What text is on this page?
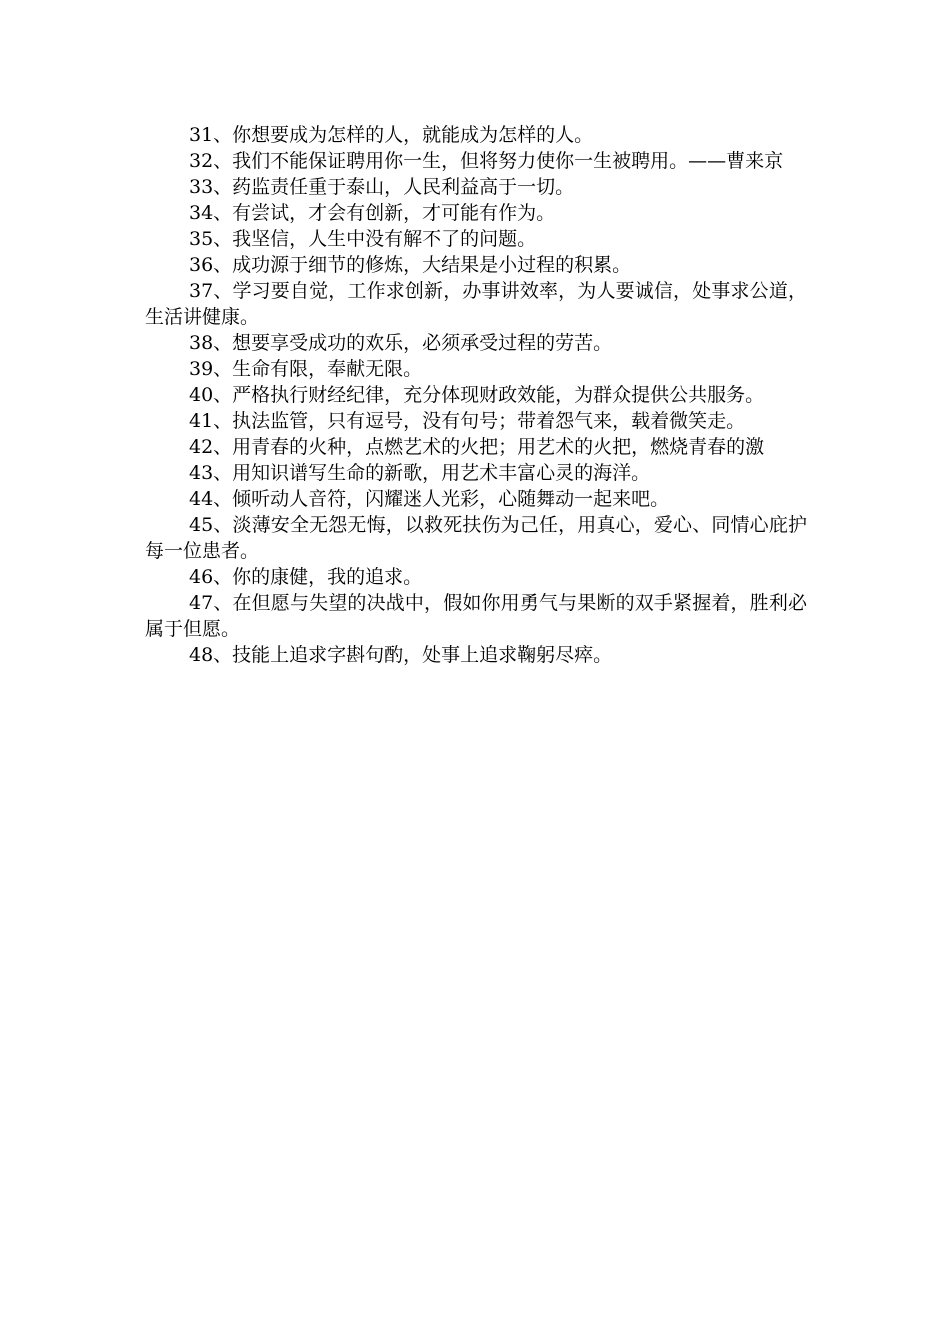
31、你想要成为怎样的人，就能成为怎样的人。

32、我们不能保证聘用你一生，但将努力使你一生被聘用。——曹来京

33、药监责任重于泰山，人民利益高于一切。

34、有尝试，才会有创新，才可能有作为。

35、我坚信，人生中没有解不了的问题。

36、成功源于细节的修炼，大结果是小过程的积累。

37、学习要自觉，工作求创新，办事讲效率，为人要诚信，处事求公道，生活讲健康。

38、想要享受成功的欢乐，必须承受过程的劳苦。

39、生命有限，奉献无限。

40、严格执行财经纪律，充分体现财政效能，为群众提供公共服务。

41、执法监管，只有逗号，没有句号；带着怨气来，载着微笑走。

42、用青春的火种，点燃艺术的火把；用艺术的火把，燃烧青春的激

43、用知识谱写生命的新歌，用艺术丰富心灵的海洋。

44、倾听动人音符，闪耀迷人光彩，心随舞动一起来吧。

45、淡薄安全无怨无悔，以救死扶伤为己任，用真心，爱心、同情心庇护每一位患者。

46、你的康健，我的追求。

47、在但愿与失望的决战中，假如你用勇气与果断的双手紧握着，胜利必属于但愿。

48、技能上追求字斟句酌，处事上追求鞠躬尽瘁。
